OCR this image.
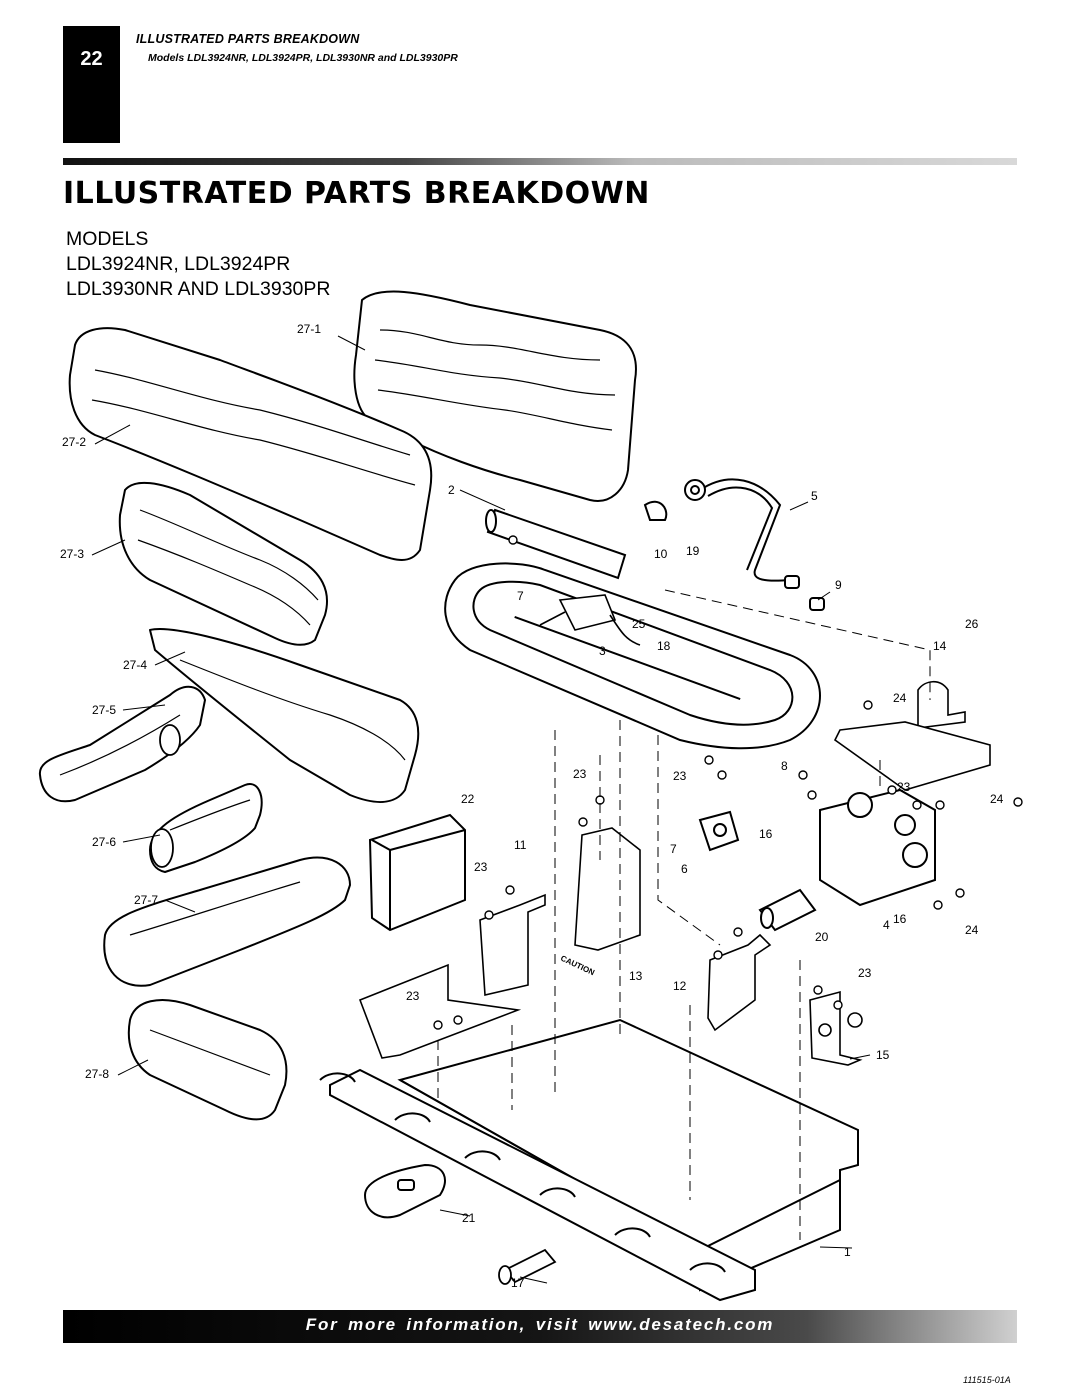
22
ILLUSTRATED PARTS BREAKDOWN
Models LDL3924NR, LDL3924PR, LDL3930NR and LDL3930PR
ILLUSTRATED PARTS BREAKDOWN
MODELS
LDL3924NR, LDL3924PR
LDL3930NR AND LDL3930PR
CAUTION
27-1
27-2
27-3
27-4
27-5
27-6
27-7
27-8
2
10 19
5
9
7
25
3	18
26
14
24
23
8
23
23
24
22
11
23
7
6
16
4 16
24
20
13
12
23
23
15
21
17
1
For more information, visit www.desatech.com
111515-01A
